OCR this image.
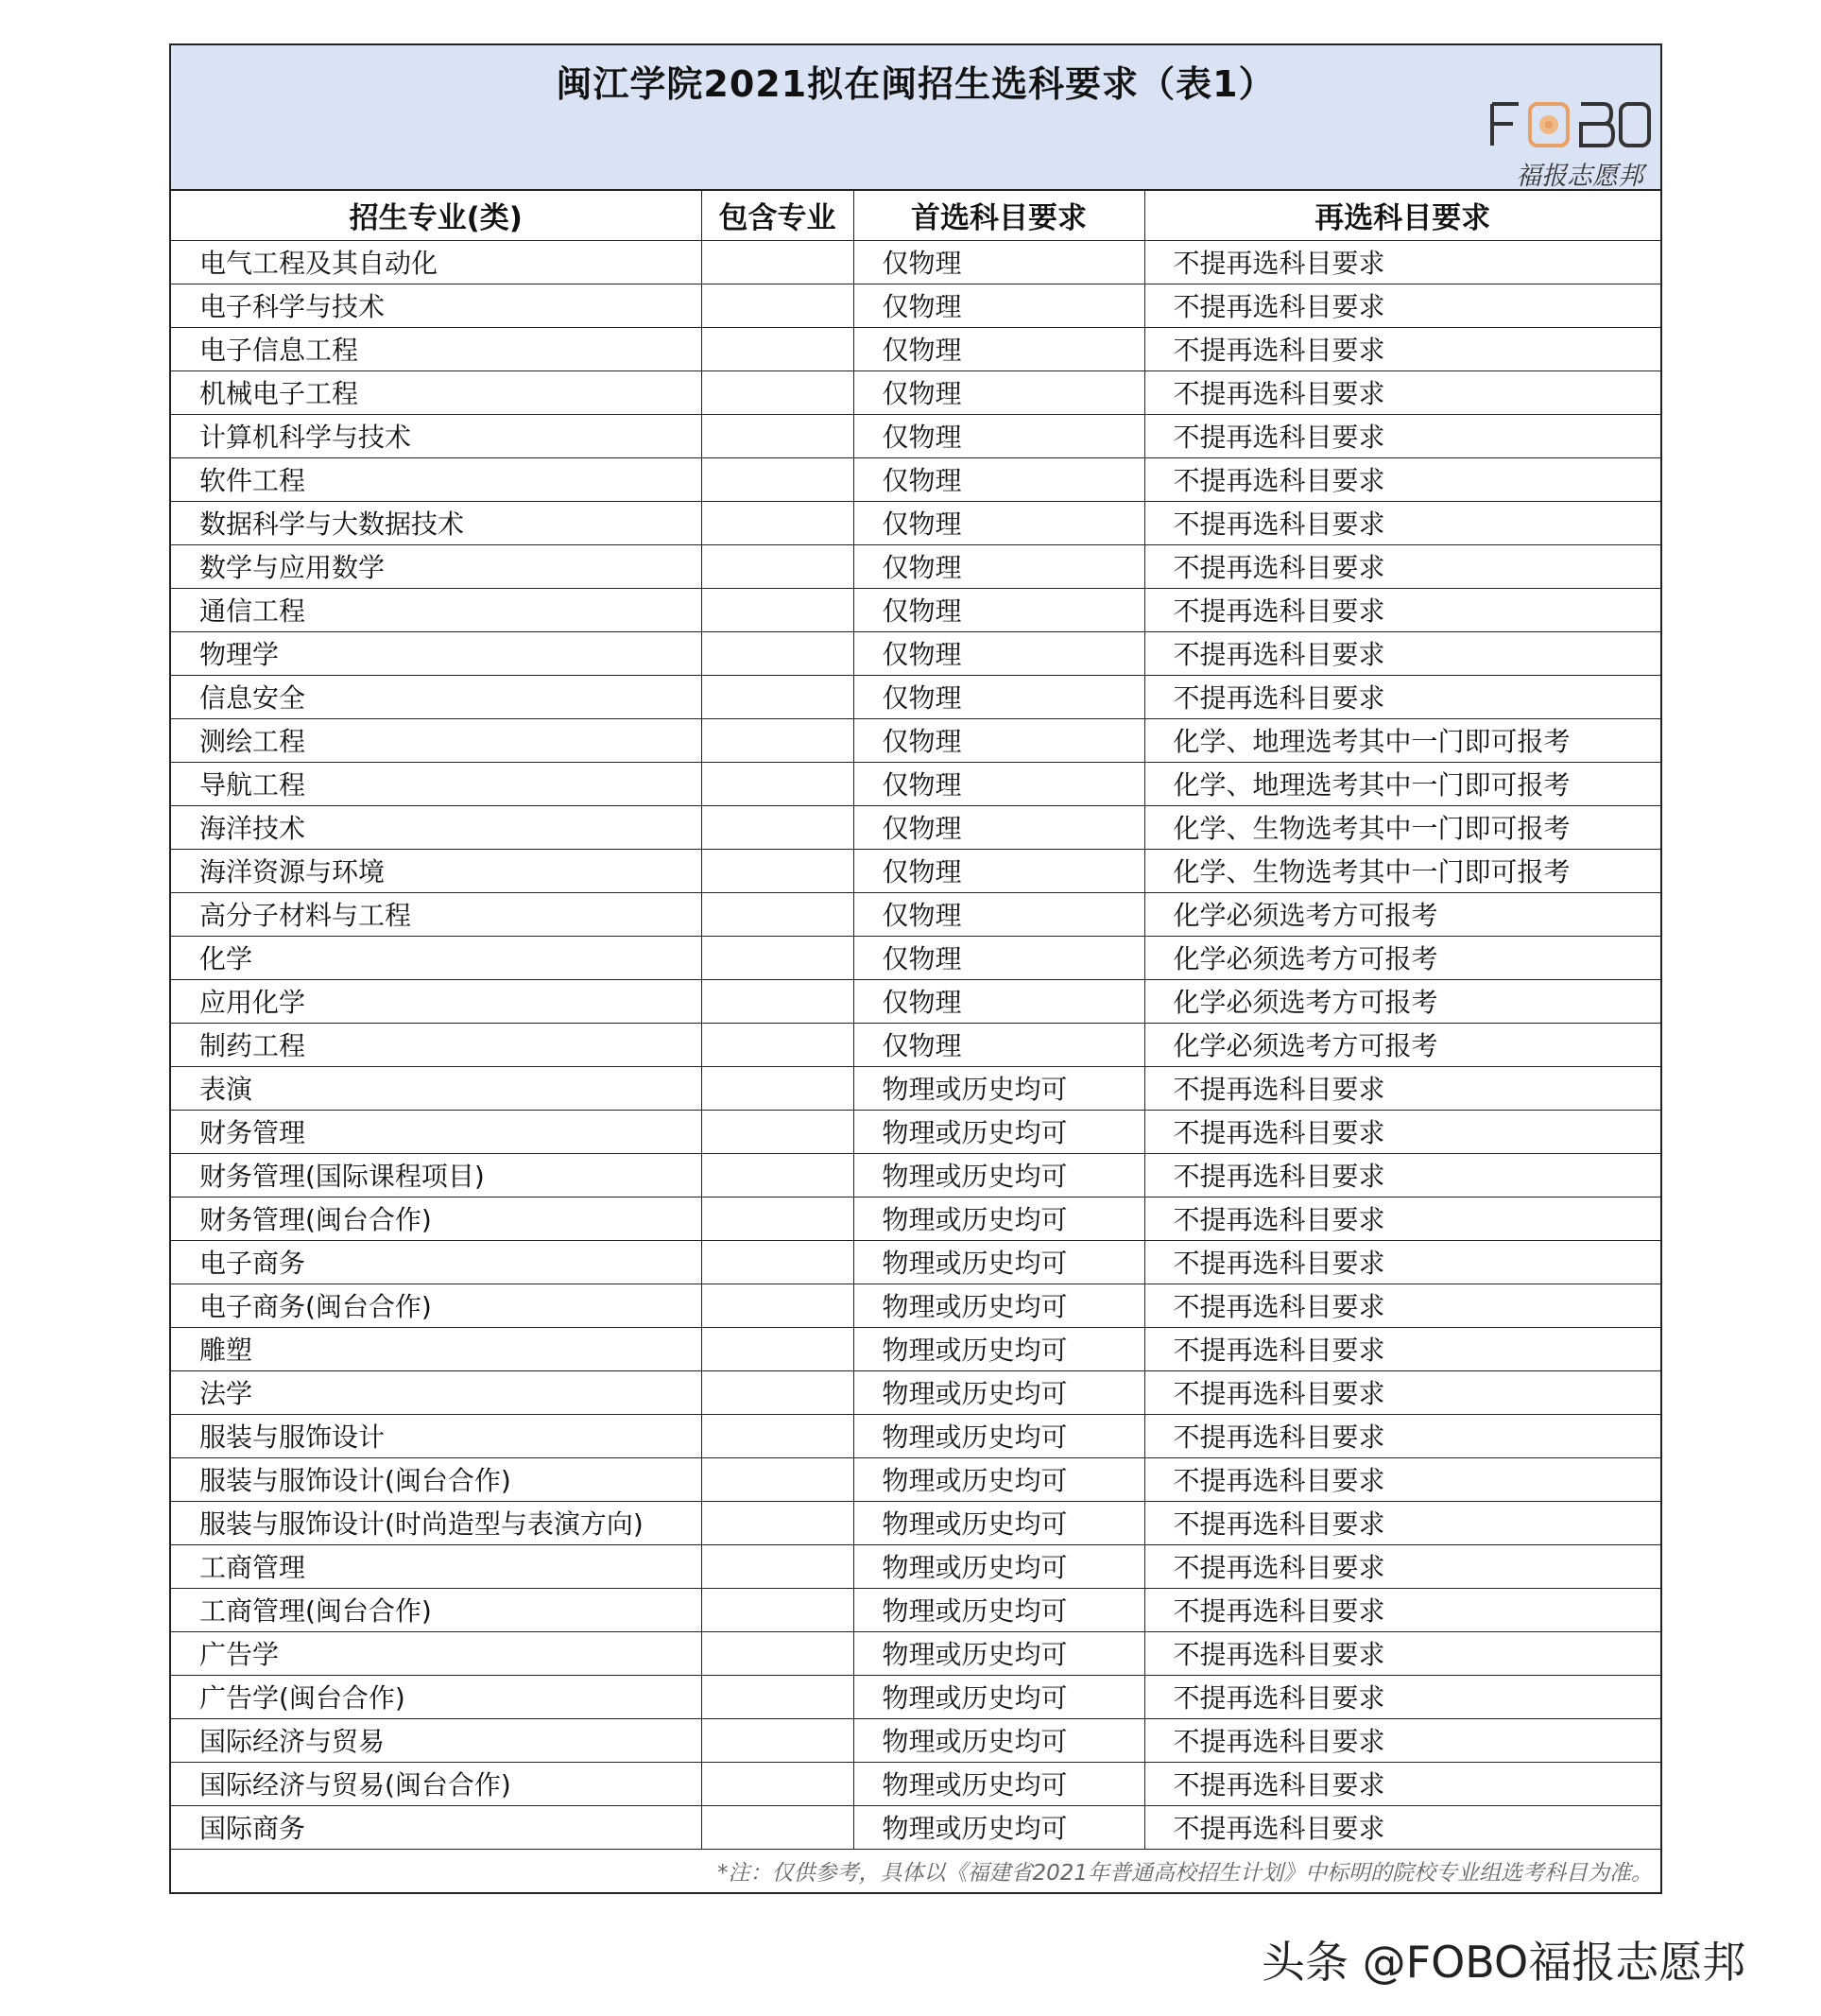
闽江学院2021拟在闽招生选科要求（表1）
福报志愿邦
招生专业(类)	包含专业	首选科目要求	再选科目要求
电气工程及其自动化		仅物理	不提再选科目要求
电子科学与技术		仅物理	不提再选科目要求
电子信息工程		仅物理	不提再选科目要求
机械电子工程		仅物理	不提再选科目要求
计算机科学与技术		仅物理	不提再选科目要求
软件工程		仅物理	不提再选科目要求
数据科学与大数据技术		仅物理	不提再选科目要求
数学与应用数学		仅物理	不提再选科目要求
通信工程		仅物理	不提再选科目要求
物理学		仅物理	不提再选科目要求
信息安全		仅物理	不提再选科目要求
测绘工程		仅物理	化学、地理选考其中一门即可报考
导航工程		仅物理	化学、地理选考其中一门即可报考
海洋技术		仅物理	化学、生物选考其中一门即可报考
海洋资源与环境		仅物理	化学、生物选考其中一门即可报考
高分子材料与工程		仅物理	化学必须选考方可报考
化学		仅物理	化学必须选考方可报考
应用化学		仅物理	化学必须选考方可报考
制药工程		仅物理	化学必须选考方可报考
表演		物理或历史均可	不提再选科目要求
财务管理		物理或历史均可	不提再选科目要求
财务管理(国际课程项目)		物理或历史均可	不提再选科目要求
财务管理(闽台合作)		物理或历史均可	不提再选科目要求
电子商务		物理或历史均可	不提再选科目要求
电子商务(闽台合作)		物理或历史均可	不提再选科目要求
雕塑		物理或历史均可	不提再选科目要求
法学		物理或历史均可	不提再选科目要求
服装与服饰设计		物理或历史均可	不提再选科目要求
服装与服饰设计(闽台合作)		物理或历史均可	不提再选科目要求
服装与服饰设计(时尚造型与表演方向)		物理或历史均可	不提再选科目要求
工商管理		物理或历史均可	不提再选科目要求
工商管理(闽台合作)		物理或历史均可	不提再选科目要求
广告学		物理或历史均可	不提再选科目要求
广告学(闽台合作)		物理或历史均可	不提再选科目要求
国际经济与贸易		物理或历史均可	不提再选科目要求
国际经济与贸易(闽台合作)		物理或历史均可	不提再选科目要求
国际商务		物理或历史均可	不提再选科目要求
*注：仅供参考，具体以《福建省2021年普通高校招生计划》中标明的院校专业组选考科目为准。			
头条 @FOBO福报志愿邦
